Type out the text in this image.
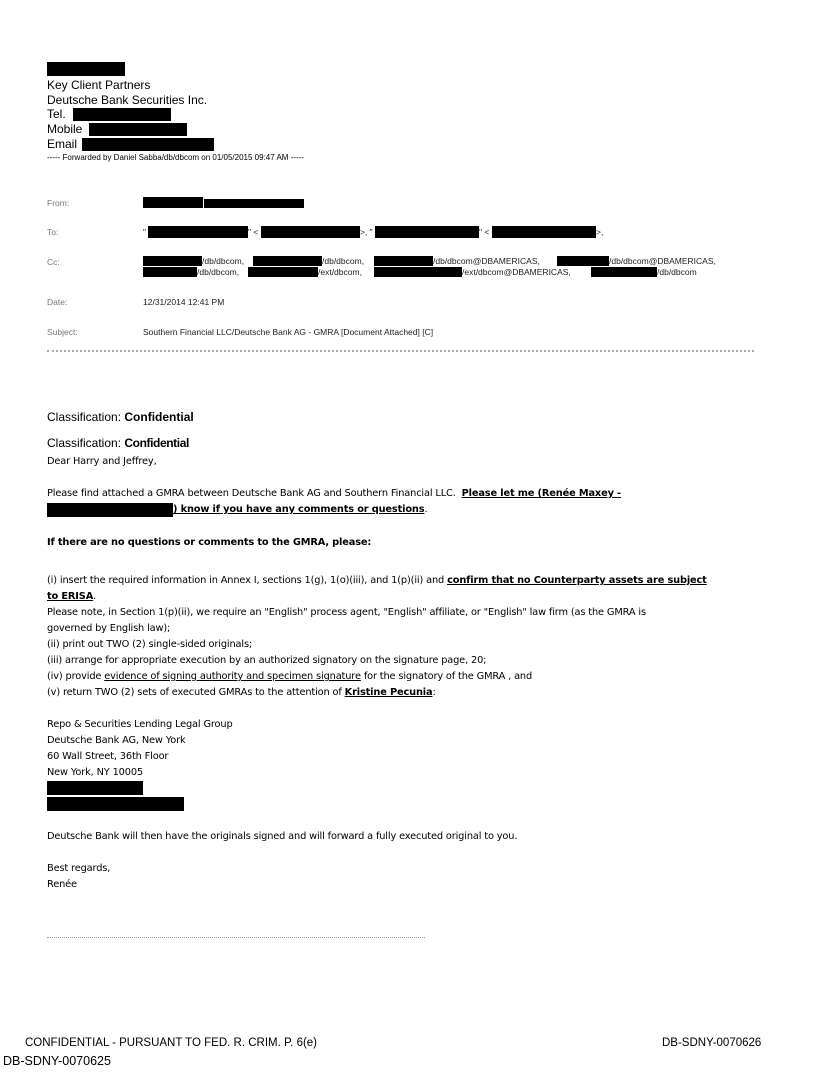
Key Client Partners
Deutsche Bank Securities Inc.
Tel.
Mobile
Email
----- Forwarded by Daniel Sabba/db/dbcom on 01/05/2015 09:47 AM -----
From:
To:	"	" <	>, "	" <	>,
Cc:	/db/dbcom,	/db/dbcom,	/db/dbcom@DBAMERICAS,	/db/dbcom@DBAMERICAS,
/db/dbcom,	/ext/dbcom,	/ext/dbcom@DBAMERICAS,	/db/dbcom
Date:	12/31/2014 12:41 PM
Subject:	Southern Financial LLC/Deutsche Bank AG - GMRA [Document Attached] [C]
Classification: Confidential
Classification: Confidential
Dear Harry and Jeffrey,
Please find attached a GMRA between Deutsche Bank AG and Southern Financial LLC. Please let me (Renée Maxey -
) know if you have any comments or questions.
If there are no questions or comments to the GMRA, please:
(i) insert the required information in Annex I, sections 1(g), 1(o)(iii), and 1(p)(ii) and confirm that no Counterparty assets are subject
to ERISA.
Please note, in Section 1(p)(ii), we require an "English" process agent, "English" affiliate, or "English" law firm (as the GMRA is
governed by English law);
(ii) print out TWO (2) single-sided originals;
(iii) arrange for appropriate execution by an authorized signatory on the signature page, 20;
(iv) provide evidence of signing authority and specimen signature for the signatory of the GMRA , and
(v) return TWO (2) sets of executed GMRAs to the attention of Kristine Pecunia:
Repo & Securities Lending Legal Group
Deutsche Bank AG, New York
60 Wall Street, 36th Floor
New York, NY 10005
Deutsche Bank will then have the originals signed and will forward a fully executed original to you.
Best regards,
Renée
CONFIDENTIAL - PURSUANT TO FED. R. CRIM. P. 6(e)	DB-SDNY-0070626
DB-SDNY-0070625
